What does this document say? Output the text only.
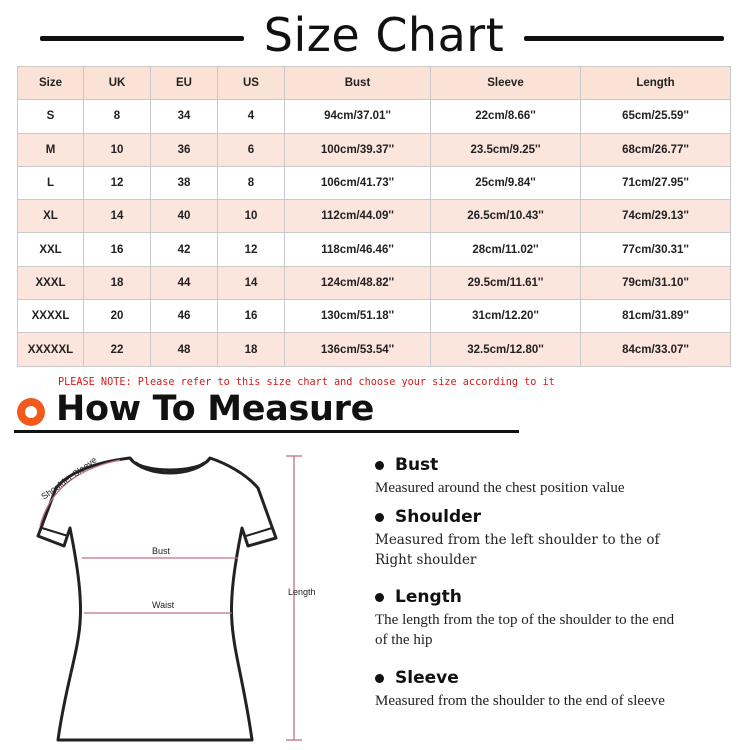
Size Chart
Size	UK	EU	US	Bust	Sleeve	Length
S	8	34	4	94cm/37.01''	22cm/8.66''	65cm/25.59''
M	10	36	6	100cm/39.37''	23.5cm/9.25''	68cm/26.77''
L	12	38	8	106cm/41.73''	25cm/9.84''	71cm/27.95''
XL	14	40	10	112cm/44.09''	26.5cm/10.43''	74cm/29.13''
XXL	16	42	12	118cm/46.46''	28cm/11.02''	77cm/30.31''
XXXL	18	44	14	124cm/48.82''	29.5cm/11.61''	79cm/31.10''
XXXXL	20	46	16	130cm/51.18''	31cm/12.20''	81cm/31.89''
XXXXXL	22	48	18	136cm/53.54''	32.5cm/12.80''	84cm/33.07''
PLEASE NOTE: Please refer to this size chart and choose your size according to it
How To Measure
Shoulder Sleeve
Bust
Waist
Length
Bust
Measured around the chest position value
Shoulder
Measured from the left shoulder to the of Right shoulder
Length
The length from the top of the shoulder to the end of the hip
Sleeve
Measured from the shoulder to the end of sleeve
